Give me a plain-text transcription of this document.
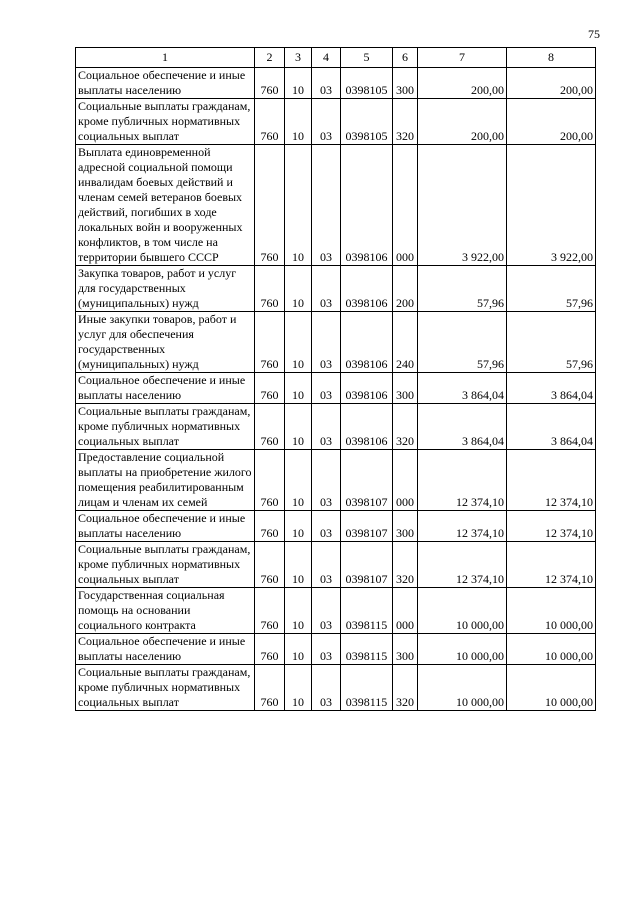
75
1	2	3	4	5	6	7	8
Социальное обеспечение и иные выплаты населению	760	10	03	0398105	300	200,00	200,00
Социальные выплаты гражданам, кроме публичных нормативных социальных выплат	760	10	03	0398105	320	200,00	200,00
Выплата единовременной адресной социальной помощи инвалидам боевых действий и членам семей ветеранов боевых действий, погибших в ходе локальных войн и вооруженных конфликтов, в том числе на территории бывшего СССР	760	10	03	0398106	000	3 922,00	3 922,00
Закупка товаров, работ и услуг для государственных (муниципальных) нужд	760	10	03	0398106	200	57,96	57,96
Иные закупки товаров, работ и услуг для обеспечения государственных (муниципальных) нужд	760	10	03	0398106	240	57,96	57,96
Социальное обеспечение и иные выплаты населению	760	10	03	0398106	300	3 864,04	3 864,04
Социальные выплаты гражданам, кроме публичных нормативных социальных выплат	760	10	03	0398106	320	3 864,04	3 864,04
Предоставление социальной выплаты на приобретение жилого помещения реабилитированным лицам и членам их семей	760	10	03	0398107	000	12 374,10	12 374,10
Социальное обеспечение и иные выплаты населению	760	10	03	0398107	300	12 374,10	12 374,10
Социальные выплаты гражданам, кроме публичных нормативных социальных выплат	760	10	03	0398107	320	12 374,10	12 374,10
Государственная социальная помощь на основании социального контракта	760	10	03	0398115	000	10 000,00	10 000,00
Социальное обеспечение и иные выплаты населению	760	10	03	0398115	300	10 000,00	10 000,00
Социальные выплаты гражданам, кроме публичных нормативных социальных выплат	760	10	03	0398115	320	10 000,00	10 000,00
